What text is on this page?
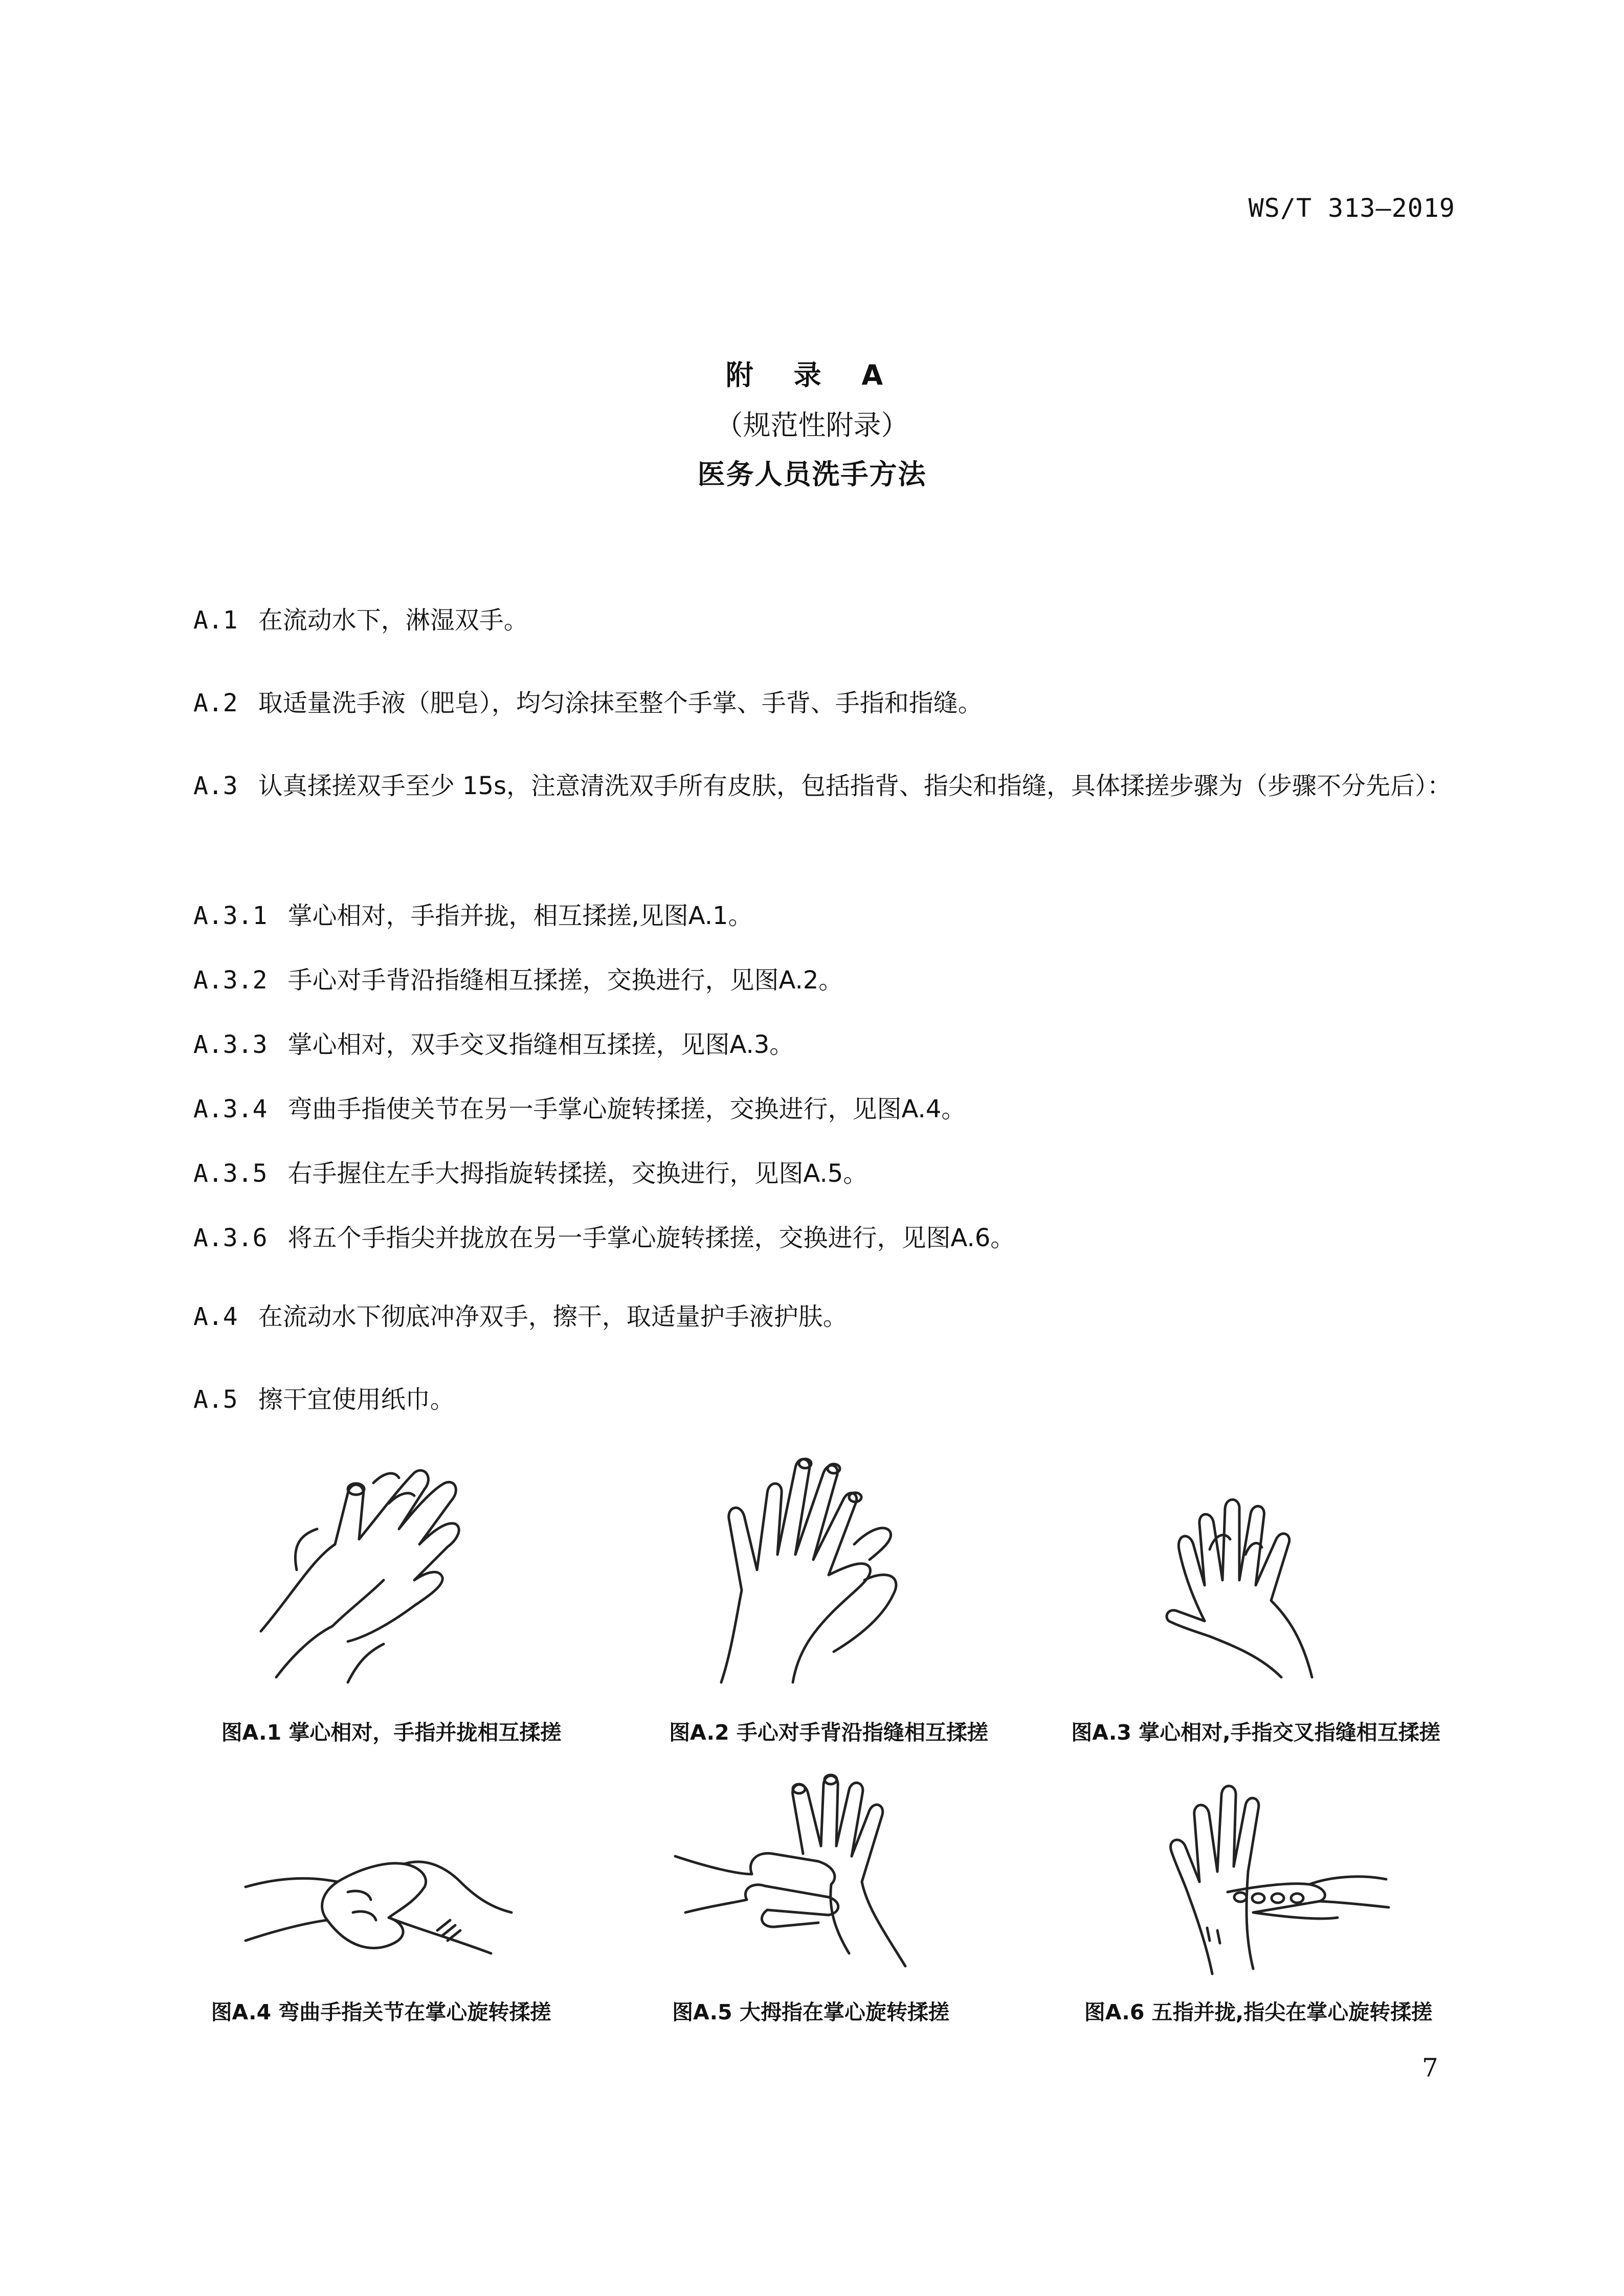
WS/T 313—2019
附 录 A
（规范性附录）
医务人员洗手方法
A.1 在流动水下，淋湿双手。
A.2 取适量洗手液（肥皂），均匀涂抹至整个手掌、手背、手指和指缝。
A.3 认真揉搓双手至少 15s，注意清洗双手所有皮肤，包括指背、指尖和指缝，具体揉搓步骤为（步骤不分先后）：
A.3.1 掌心相对，手指并拢，相互揉搓,见图A.1。
A.3.2 手心对手背沿指缝相互揉搓，交换进行，见图A.2。
A.3.3 掌心相对，双手交叉指缝相互揉搓，见图A.3。
A.3.4 弯曲手指使关节在另一手掌心旋转揉搓，交换进行，见图A.4。
A.3.5 右手握住左手大拇指旋转揉搓，交换进行，见图A.5。
A.3.6 将五个手指尖并拢放在另一手掌心旋转揉搓，交换进行，见图A.6。
A.4 在流动水下彻底冲净双手，擦干，取适量护手液护肤。
A.5 擦干宜使用纸巾。
图A.1 掌心相对，手指并拢相互揉搓	图A.2 手心对手背沿指缝相互揉搓	图A.3 掌心相对,手指交叉指缝相互揉搓
图A.4 弯曲手指关节在掌心旋转揉搓	图A.5 大拇指在掌心旋转揉搓	图A.6 五指并拢,指尖在掌心旋转揉搓
7
